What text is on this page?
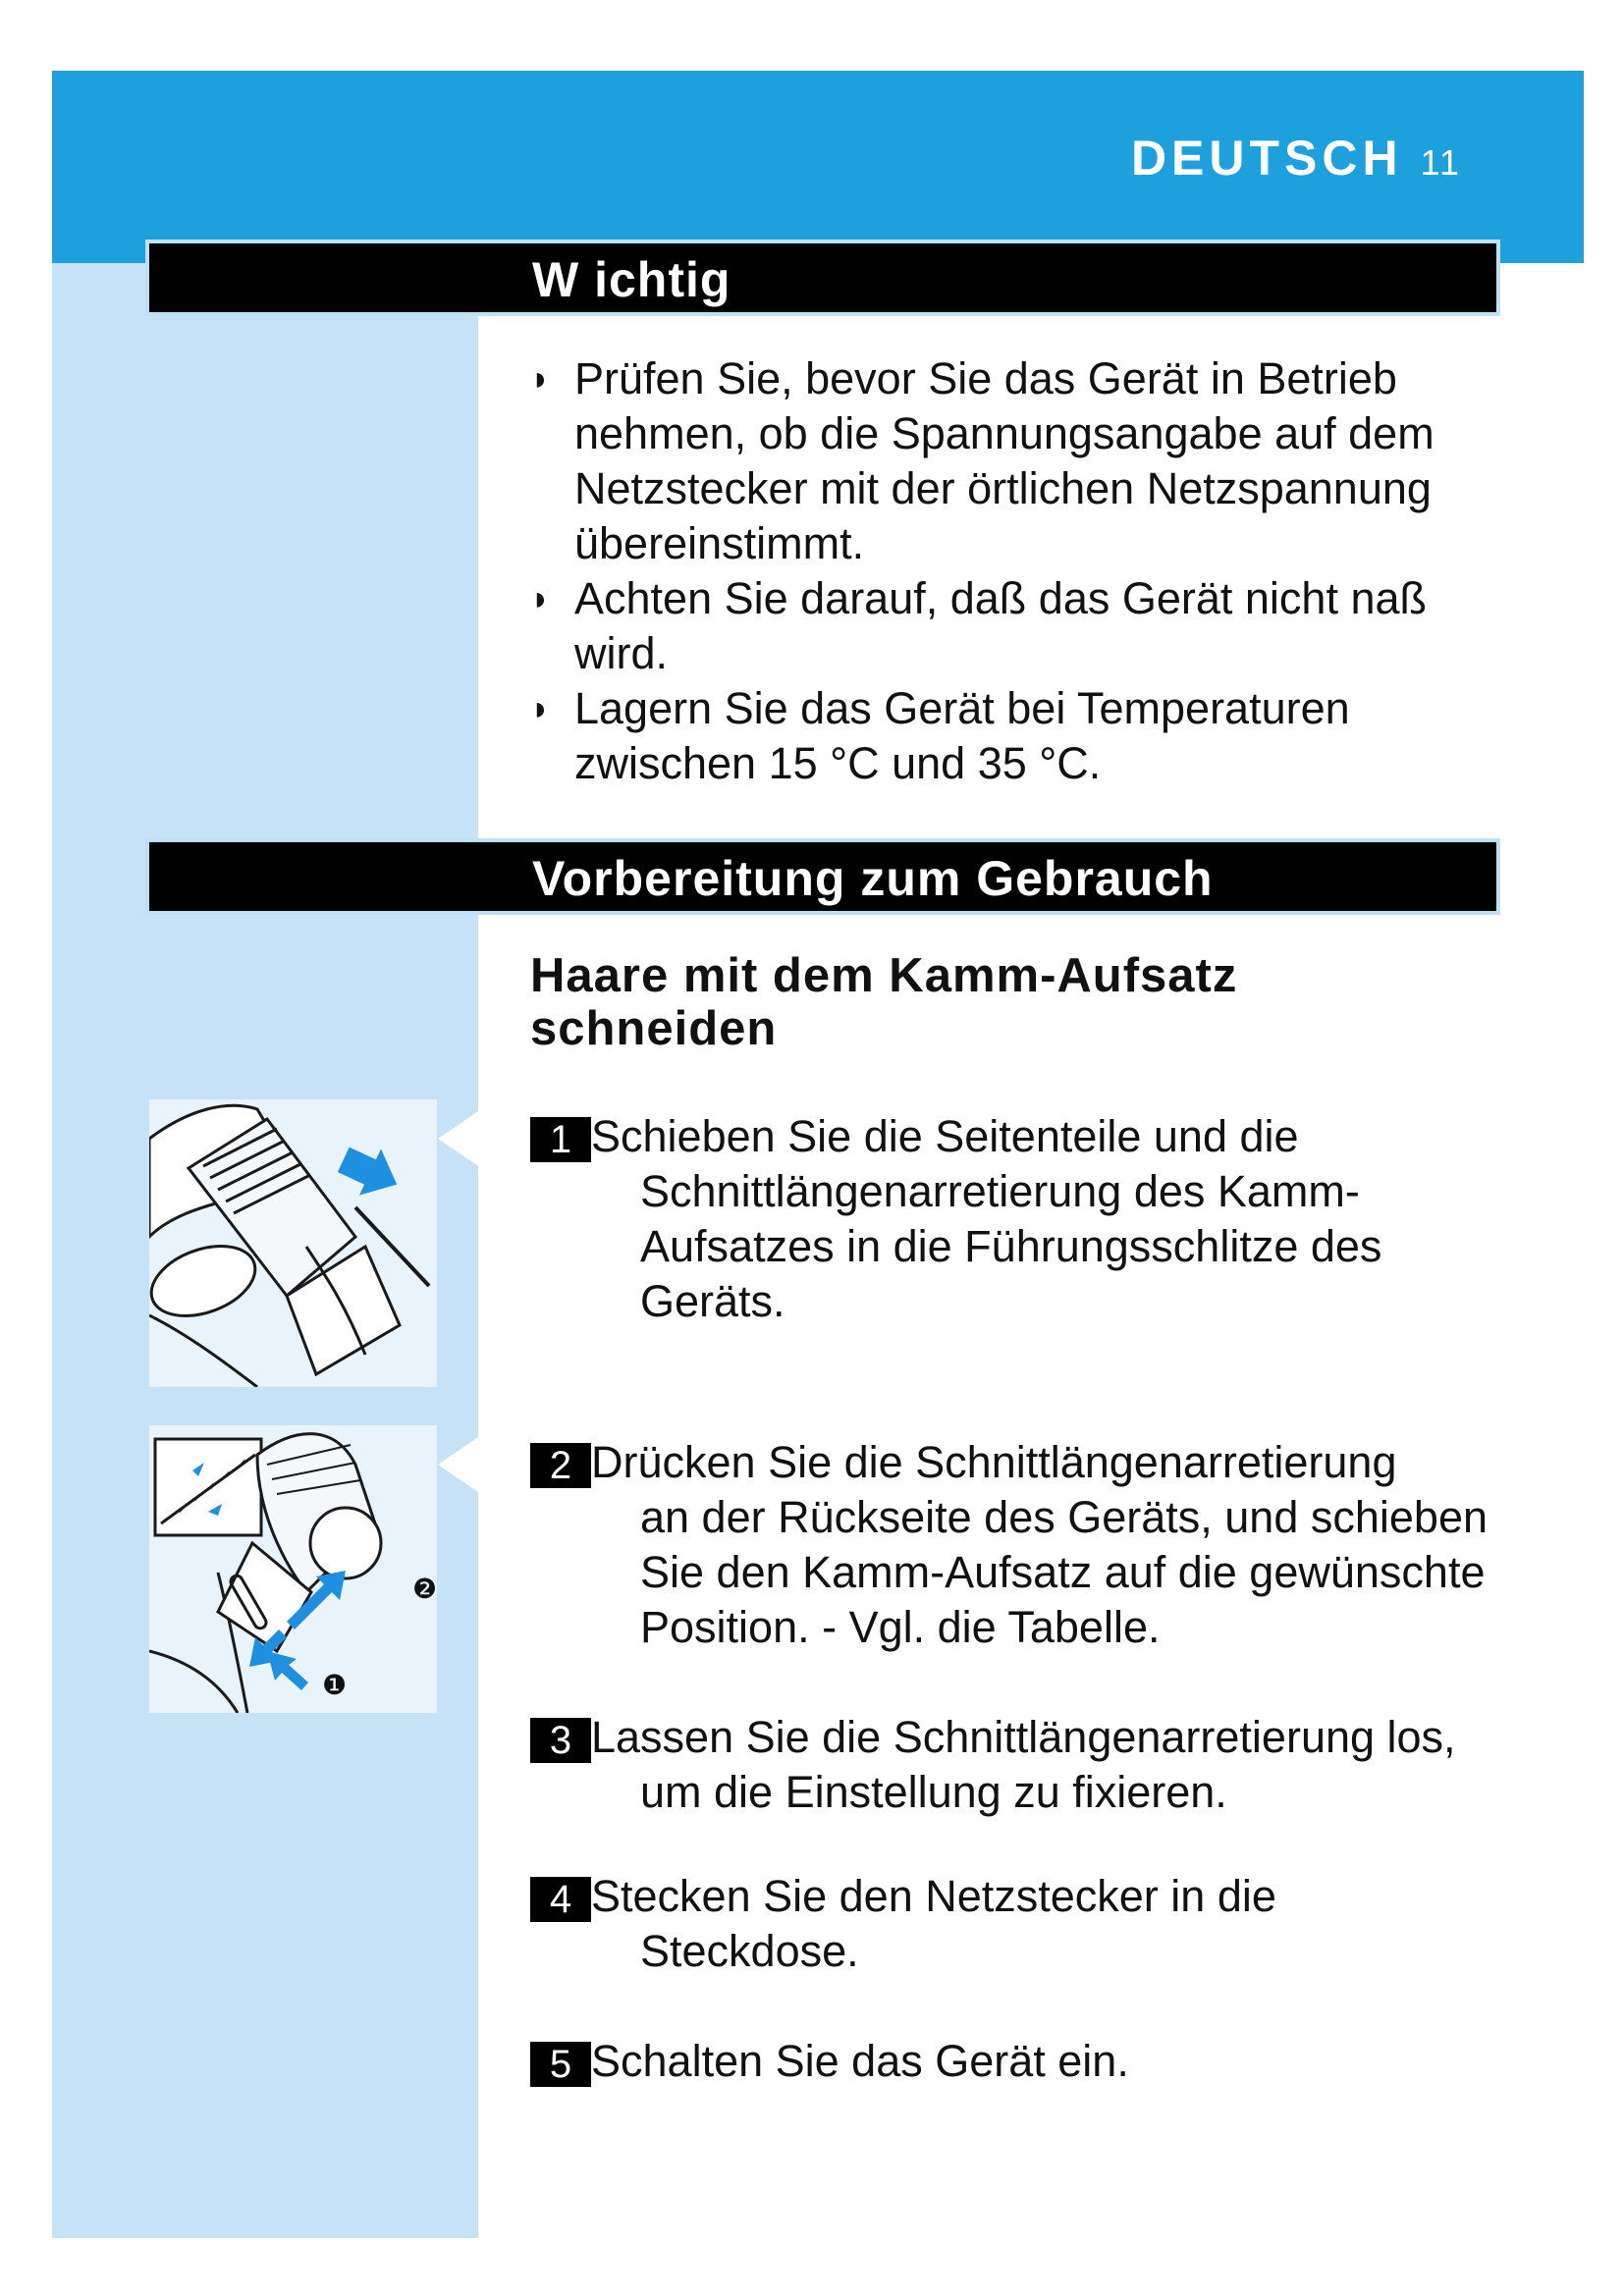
DEUTSCH 11
W ichtig
◗ Prüfen Sie, bevor Sie das Gerät in Betrieb
nehmen, ob die Spannungsangabe auf dem
Netzstecker mit der örtlichen Netzspannung
übereinstimmt.
◗ Achten Sie darauf, daß das Gerät nicht naß
wird.
◗ Lagern Sie das Gerät bei Temperaturen
zwischen 15 °C und 35 °C.
Vorbereitung zum Gebrauch
Haare mit dem Kamm-Aufsatz
schneiden
❷
❶
1 Schieben Sie die Seitenteile und die
Schnittlängenarretierung des Kamm-
Aufsatzes in die Führungsschlitze des
Geräts.
2 Drücken Sie die Schnittlängenarretierung
an der Rückseite des Geräts, und schieben
Sie den Kamm-Aufsatz auf die gewünschte
Position. - Vgl. die Tabelle.
3 Lassen Sie die Schnittlängenarretierung los,
um die Einstellung zu fixieren.
4 Stecken Sie den Netzstecker in die
Steckdose.
5 Schalten Sie das Gerät ein.
